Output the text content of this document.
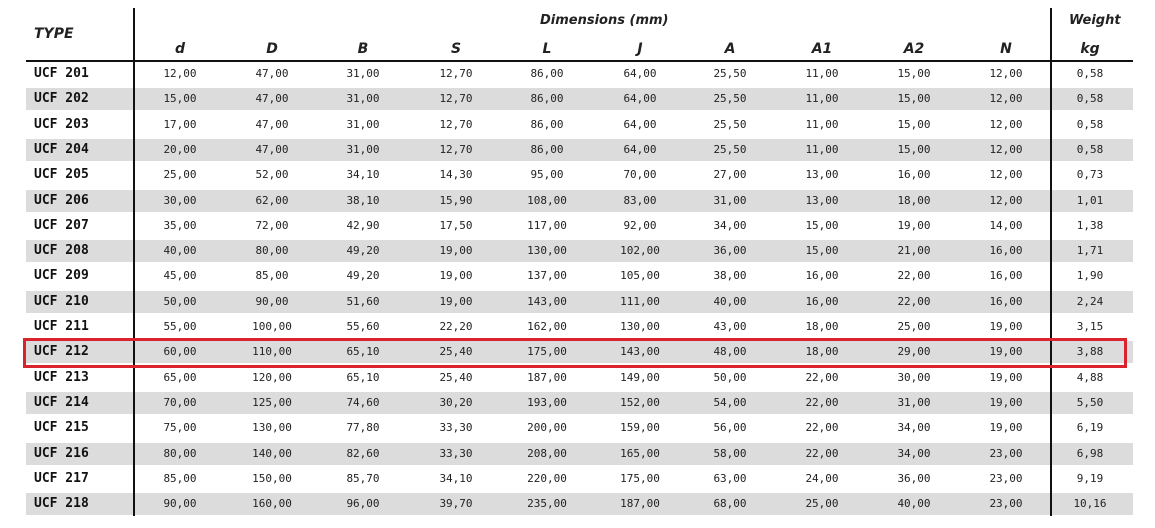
TYPE
Dimensions (mm)	Weight
d	D	B	S	L	J	A	A1	A2	N	kg
UCF 201	12,00	47,00	31,00	12,70	86,00	64,00	25,50	11,00	15,00	12,00	0,58
UCF 202	15,00	47,00	31,00	12,70	86,00	64,00	25,50	11,00	15,00	12,00	0,58
UCF 203	17,00	47,00	31,00	12,70	86,00	64,00	25,50	11,00	15,00	12,00	0,58
UCF 204	20,00	47,00	31,00	12,70	86,00	64,00	25,50	11,00	15,00	12,00	0,58
UCF 205	25,00	52,00	34,10	14,30	95,00	70,00	27,00	13,00	16,00	12,00	0,73
UCF 206	30,00	62,00	38,10	15,90	108,00	83,00	31,00	13,00	18,00	12,00	1,01
UCF 207	35,00	72,00	42,90	17,50	117,00	92,00	34,00	15,00	19,00	14,00	1,38
UCF 208	40,00	80,00	49,20	19,00	130,00	102,00	36,00	15,00	21,00	16,00	1,71
UCF 209	45,00	85,00	49,20	19,00	137,00	105,00	38,00	16,00	22,00	16,00	1,90
UCF 210	50,00	90,00	51,60	19,00	143,00	111,00	40,00	16,00	22,00	16,00	2,24
UCF 211	55,00	100,00	55,60	22,20	162,00	130,00	43,00	18,00	25,00	19,00	3,15
UCF 212	60,00	110,00	65,10	25,40	175,00	143,00	48,00	18,00	29,00	19,00	3,88
UCF 213	65,00	120,00	65,10	25,40	187,00	149,00	50,00	22,00	30,00	19,00	4,88
UCF 214	70,00	125,00	74,60	30,20	193,00	152,00	54,00	22,00	31,00	19,00	5,50
UCF 215	75,00	130,00	77,80	33,30	200,00	159,00	56,00	22,00	34,00	19,00	6,19
UCF 216	80,00	140,00	82,60	33,30	208,00	165,00	58,00	22,00	34,00	23,00	6,98
UCF 217	85,00	150,00	85,70	34,10	220,00	175,00	63,00	24,00	36,00	23,00	9,19
UCF 218	90,00	160,00	96,00	39,70	235,00	187,00	68,00	25,00	40,00	23,00	10,16
